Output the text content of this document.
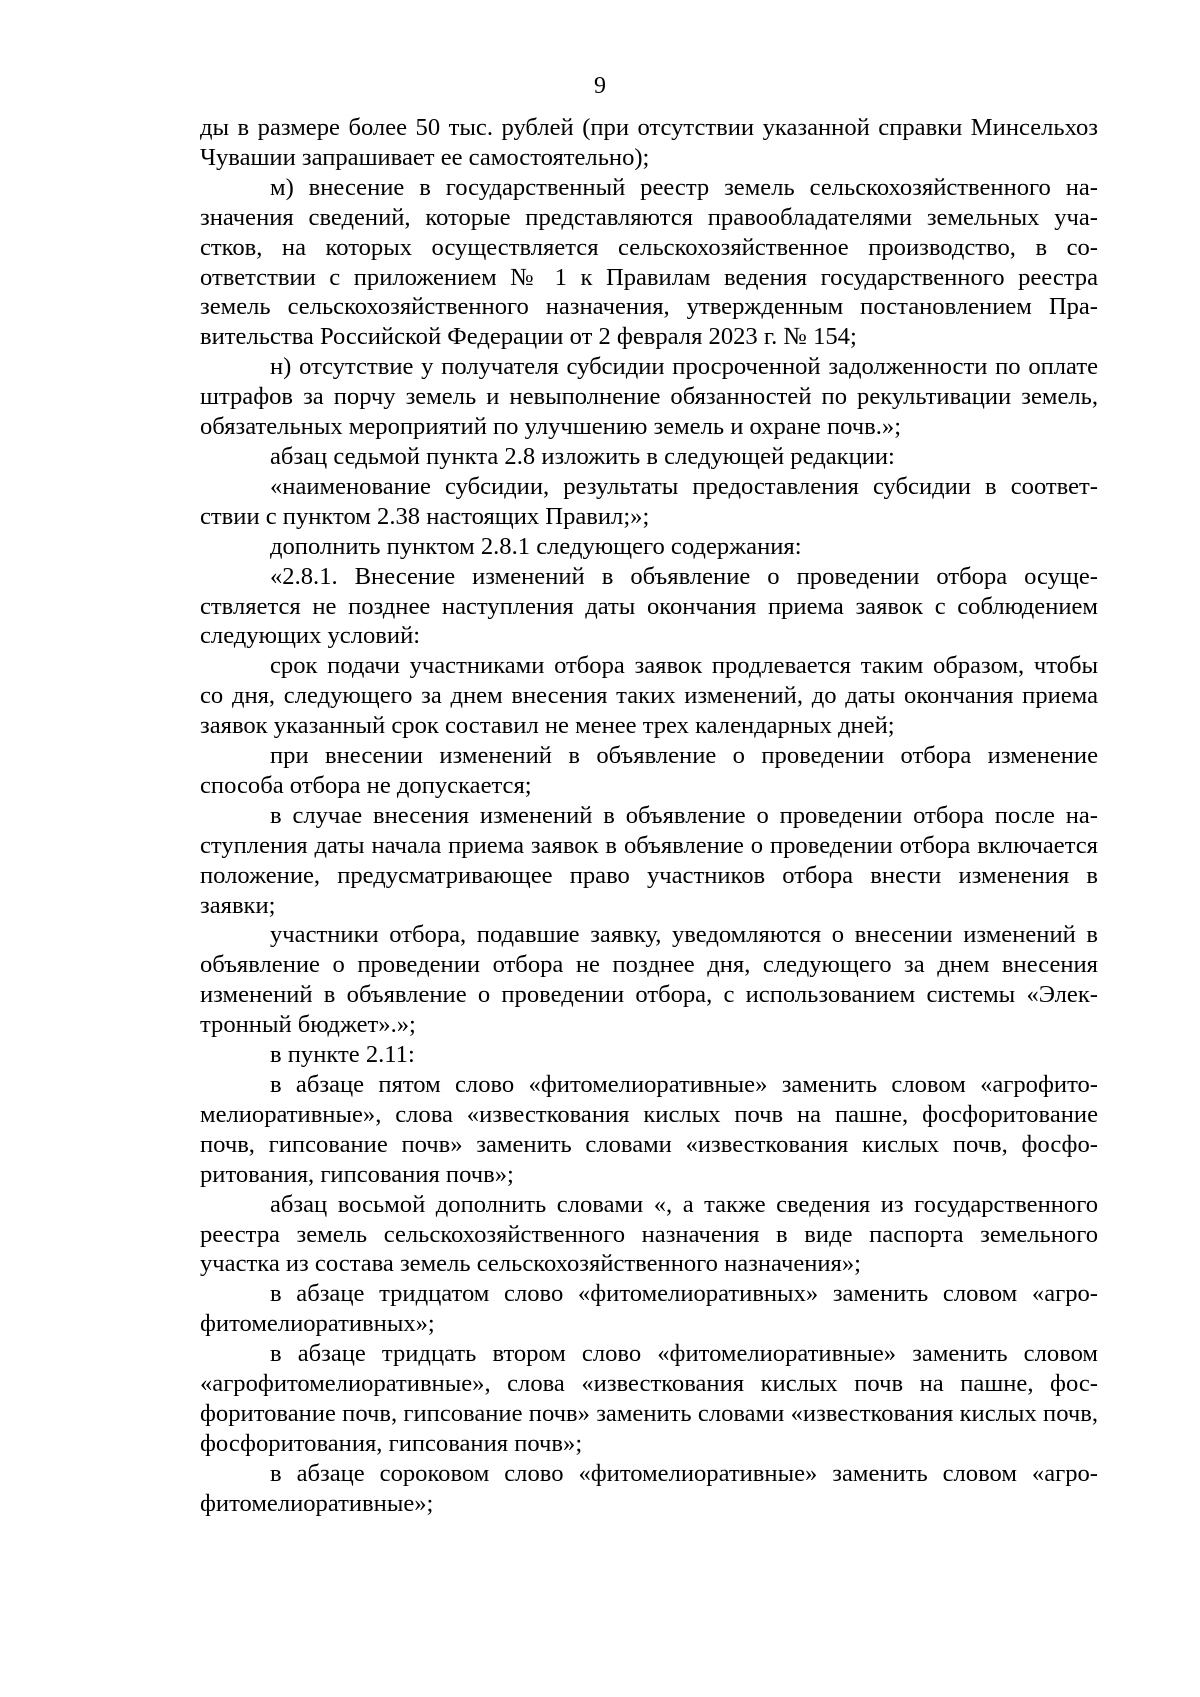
9

ды в размере более 50 тыс. рублей (при отсутствии указанной справки Минсельхоз Чувашии запрашивает ее самостоятельно);

м) внесение в государственный реестр земель сельскохозяйственного назначения сведений, которые представляются правообладателями земельных участков, на которых осуществляется сельскохозяйственное производство, в соответствии с приложением № 1 к Правилам ведения государственного реестра земель сельскохозяйственного назначения, утвержденным постановлением Правительства Российской Федерации от 2 февраля 2023 г. № 154;

н) отсутствие у получателя субсидии просроченной задолженности по оплате штрафов за порчу земель и невыполнение обязанностей по рекультивации земель, обязательных мероприятий по улучшению земель и охране почв.»;

абзац седьмой пункта 2.8 изложить в следующей редакции:

«наименование субсидии, результаты предоставления субсидии в соответствии с пунктом 2.38 настоящих Правил;»;

дополнить пунктом 2.8.1 следующего содержания:

«2.8.1. Внесение изменений в объявление о проведении отбора осуществляется не позднее наступления даты окончания приема заявок с соблюдением следующих условий:

срок подачи участниками отбора заявок продлевается таким образом, чтобы со дня, следующего за днем внесения таких изменений, до даты окончания приема заявок указанный срок составил не менее трех календарных дней;

при внесении изменений в объявление о проведении отбора изменение способа отбора не допускается;

в случае внесения изменений в объявление о проведении отбора после наступления даты начала приема заявок в объявление о проведении отбора включается положение, предусматривающее право участников отбора внести изменения в заявки;

участники отбора, подавшие заявку, уведомляются о внесении изменений в объявление о проведении отбора не позднее дня, следующего за днем внесения изменений в объявление о проведении отбора, с использованием системы «Электронный бюджет».»;

в пункте 2.11:

в абзаце пятом слово «фитомелиоративные» заменить словом «агрофитомелиоративные», слова «известкования кислых почв на пашне, фосфоритование почв, гипсование почв» заменить словами «известкования кислых почв, фосфоритования, гипсования почв»;

абзац восьмой дополнить словами «, а также сведения из государственного реестра земель сельскохозяйственного назначения в виде паспорта земельного участка из состава земель сельскохозяйственного назначения»;

в абзаце тридцатом слово «фитомелиоративных» заменить словом «агрофитомелиоративных»;

в абзаце тридцать втором слово «фитомелиоративные» заменить словом «агрофитомелиоративные», слова «известкования кислых почв на пашне, фосфоритование почв, гипсование почв» заменить словами «известкования кислых почв, фосфоритования, гипсования почв»;

в абзаце сороковом слово «фитомелиоративные» заменить словом «агрофитомелиоративные»;
